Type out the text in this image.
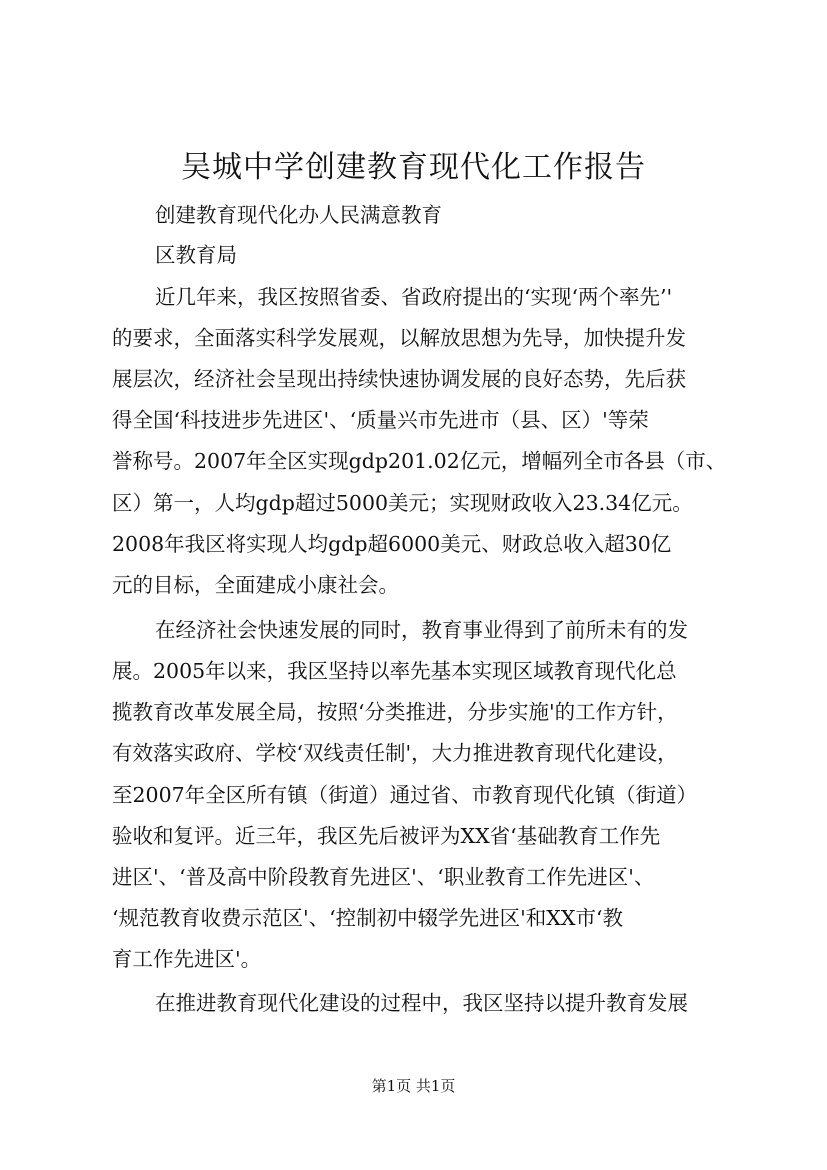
吴城中学创建教育现代化工作报告
创建教育现代化办人民满意教育
区教育局
近几年来，我区按照省委、省政府提出的‘实现‘两个率先’'
的要求，全面落实科学发展观，以解放思想为先导，加快提升发
展层次，经济社会呈现出持续快速协调发展的良好态势，先后获
得全国‘科技进步先进区'、‘质量兴市先进市（县、区）'等荣
誉称号。2007年全区实现gdp201.02亿元，增幅列全市各县（市、
区）第一，人均gdp超过5000美元；实现财政收入23.34亿元。
2008年我区将实现人均gdp超6000美元、财政总收入超30亿
元的目标，全面建成小康社会。
在经济社会快速发展的同时，教育事业得到了前所未有的发
展。2005年以来，我区坚持以率先基本实现区域教育现代化总
揽教育改革发展全局，按照‘分类推进，分步实施'的工作方针，
有效落实政府、学校‘双线责任制'，大力推进教育现代化建设，
至2007年全区所有镇（街道）通过省、市教育现代化镇（街道）
验收和复评。近三年，我区先后被评为XX省‘基础教育工作先
进区'、‘普及高中阶段教育先进区'、‘职业教育工作先进区'、
‘规范教育收费示范区'、‘控制初中辍学先进区'和XX市‘教
育工作先进区'。
在推进教育现代化建设的过程中，我区坚持以提升教育发展
第1页 共1页
